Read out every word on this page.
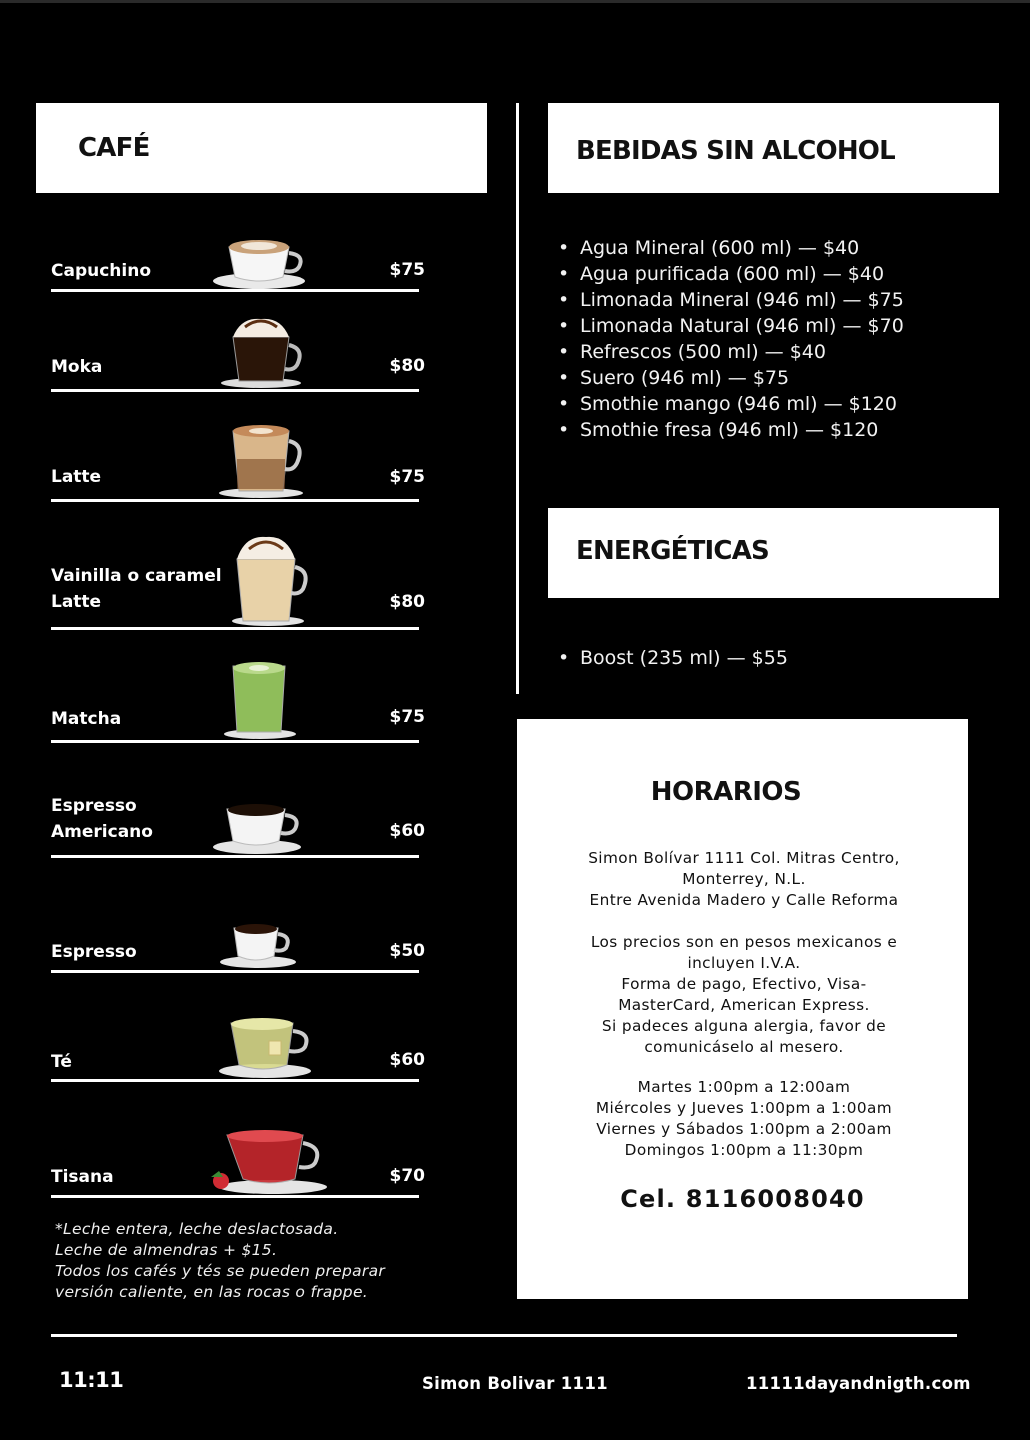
CAFÉ	BEBIDAS SIN ALCOHOL
• Agua Mineral (600 ml) — $40
• Agua purificada (600 ml) — $40
• Limonada Mineral (946 ml) — $75
• Limonada Natural (946 ml) — $70
• Refrescos (500 ml) — $40
• Suero (946 ml) — $75
• Smothie mango (946 ml) — $120
• Smothie fresa (946 ml) — $120
ENERGÉTICAS
• Boost (235 ml) — $55
Capuchino	$75
Moka	$80
Latte	$75
Vainilla o caramel
Latte	$80
Matcha	$75
Espresso
Americano	$60
Espresso	$50
Té	$60
Tisana	$70
*Leche entera, leche deslactosada.
Leche de almendras + $15.
Todos los cafés y tés se pueden preparar
versión caliente, en las rocas o frappe.
HORARIOS
Simon Bolívar 1111 Col. Mitras Centro,
Monterrey, N.L.
Entre Avenida Madero y Calle Reforma
Los precios son en pesos mexicanos e
incluyen I.V.A.
Forma de pago, Efectivo, Visa-
MasterCard, American Express.
Si padeces alguna alergia, favor de
comunicáselo al mesero.
Martes 1:00pm a 12:00am
Miércoles y Jueves 1:00pm a 1:00am
Viernes y Sábados 1:00pm a 2:00am
Domingos 1:00pm a 11:30pm
Cel. 8116008040
11:11	Simon Bolivar 1111	11111dayandnigth.com
